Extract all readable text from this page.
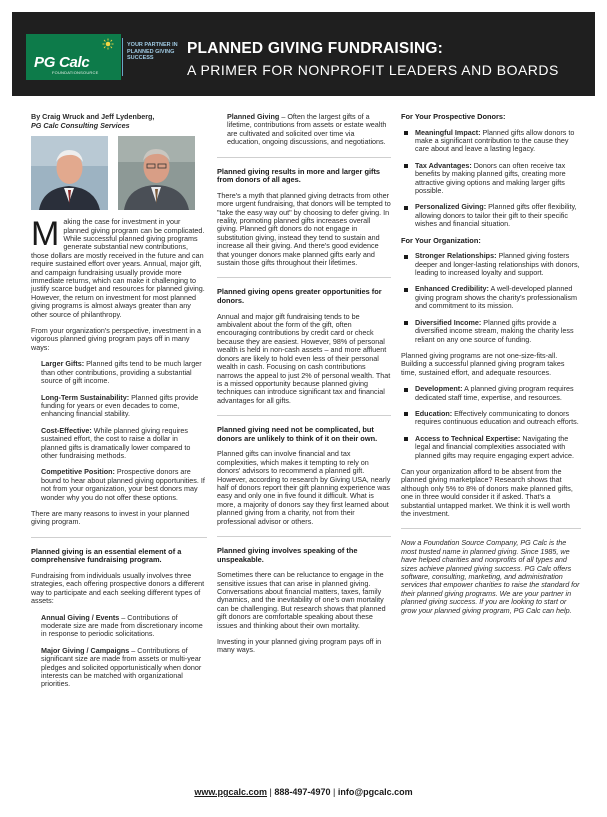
PG Calc
FOUNDATIONSOURCE
YOUR PARTNER IN PLANNED GIVING SUCCESS
PLANNED GIVING FUNDRAISING:
A PRIMER FOR NONPROFIT LEADERS AND BOARDS
By Craig Wruck and Jeff Lydenberg,
PG Calc Consulting Services

Making the case for investment in your planned giving program can be complicated. While successful planned giving programs generate substantial new contributions, those dollars are mostly received in the future and can require sustained effort over years. Annual, major gift, and campaign fundraising usually provide more immediate returns, which can make it challenging to justify scarce budget and resources for planned giving. However, the return on investment for most planned giving programs is almost always greater than any other source of philanthropy.

From your organization's perspective, investment in a vigorous planned giving program pays off in many ways:

Larger Gifts: Planned gifts tend to be much larger than other contributions, providing a substantial source of gift income.
Long-Term Sustainability: Planned gifts provide funding for years or even decades to come, enhancing financial stability.
Cost-Effective: While planned giving requires sustained effort, the cost to raise a dollar in planned gifts is dramatically lower compared to other fundraising methods.
Competitive Position: Prospective donors are bound to hear about planned giving opportunities. If not from your organization, your best donors may wonder why you do not offer these options.

There are many reasons to invest in your planned giving program.

Planned giving is an essential element of a comprehensive fundraising program.

Fundraising from individuals usually involves three strategies, each offering prospective donors a different way to participate and each seeking different types of assets:

Annual Giving / Events – Contributions of moderate size are made from discretionary income in response to periodic solicitations.
Major Giving / Campaigns – Contributions of significant size are made from assets or multi-year pledges and solicited opportunistically when donor interests can be matched with organizational priorities.
Planned Giving – Often the largest gifts of a lifetime, contributions from assets or estate wealth are cultivated and solicited over time via education, ongoing discussions, and negotiations.
Planned giving results in more and larger gifts from donors of all ages.

There's a myth that planned giving detracts from other more urgent fundraising, that donors will be tempted to "take the easy way out" by choosing to defer giving. In reality, promoting planned gifts increases overall giving. Planned gift donors do not engage in substitution giving, instead they tend to sustain and increase all their giving. And there's good evidence that younger donors make planned gifts early and sustain those gifts throughout their lifetimes.

Planned giving opens greater opportunities for donors.

Annual and major gift fundraising tends to be ambivalent about the form of the gift, often encouraging contributions by credit card or check because they are easiest. However, 98% of personal wealth is held in non-cash assets – and more affluent donors are likely to hold even less of their personal wealth in cash. Focusing on cash contributions narrows the appeal to just 2% of personal wealth. That is a missed opportunity because planned giving techniques can introduce significant tax and financial advantages for all gifts.

Planned giving need not be complicated, but donors are unlikely to think of it on their own.

Planned gifts can involve financial and tax complexities, which makes it tempting to rely on donors' advisors to recommend a planned gift. However, according to research by Giving USA, nearly half of donors report their gift planning experience was easy and only one in five found it difficult. What is more, a majority of donors say they first learned about planned giving from a charity, not from their professional advisor or others.

Planned giving involves speaking of the unspeakable.

Sometimes there can be reluctance to engage in the sensitive issues that can arise in planned giving. Conversations about financial matters, taxes, family dynamics, and the inevitability of one's own mortality can be challenging. But research shows that planned gift donors are comfortable speaking about these issues and thinking about their own mortality.

Investing in your planned giving program pays off in many ways.

For Your Prospective Donors:
Meaningful Impact: Planned gifts allow donors to make a significant contribution to the cause they care about and leave a lasting legacy.
Tax Advantages: Donors can often receive tax benefits by making planned gifts, creating more attractive giving options and making larger gifts possible.
Personalized Giving: Planned gifts offer flexibility, allowing donors to tailor their gift to their specific wishes and financial situation.
For Your Organization:
Stronger Relationships: Planned giving fosters deeper and longer-lasting relationships with donors, leading to increased loyalty and support.
Enhanced Credibility: A well-developed planned giving program shows the charity's professionalism and commitment to its mission.
Diversified Income: Planned gifts provide a diversified income stream, making the charity less reliant on any one source of funding.

Planned giving programs are not one-size-fits-all. Building a successful planned giving program takes time, sustained effort, and adequate resources.

Development: A planned giving program requires dedicated staff time, expertise, and resources.
Education: Effectively communicating to donors requires continuous education and outreach efforts.
Access to Technical Expertise: Navigating the legal and financial complexities associated with planned gifts may require engaging expert advice.

Can your organization afford to be absent from the planned giving marketplace? Research shows that although only 5% to 8% of donors make planned gifts, one in three would consider it if asked. That's a substantial untapped market. We think it is well worth the investment.

Now a Foundation Source Company, PG Calc is the most trusted name in planned giving. Since 1985, we have helped charities and nonprofits of all types and sizes achieve planned giving success. PG Calc offers software, consulting, marketing, and administration services that empower charities to raise the standard for their planned giving programs. We are your partner in planned giving success. If you are looking to start or grow your planned giving program, PG Calc can help.

www.pgcalc.com | 888-497-4970 | info@pgcalc.com
